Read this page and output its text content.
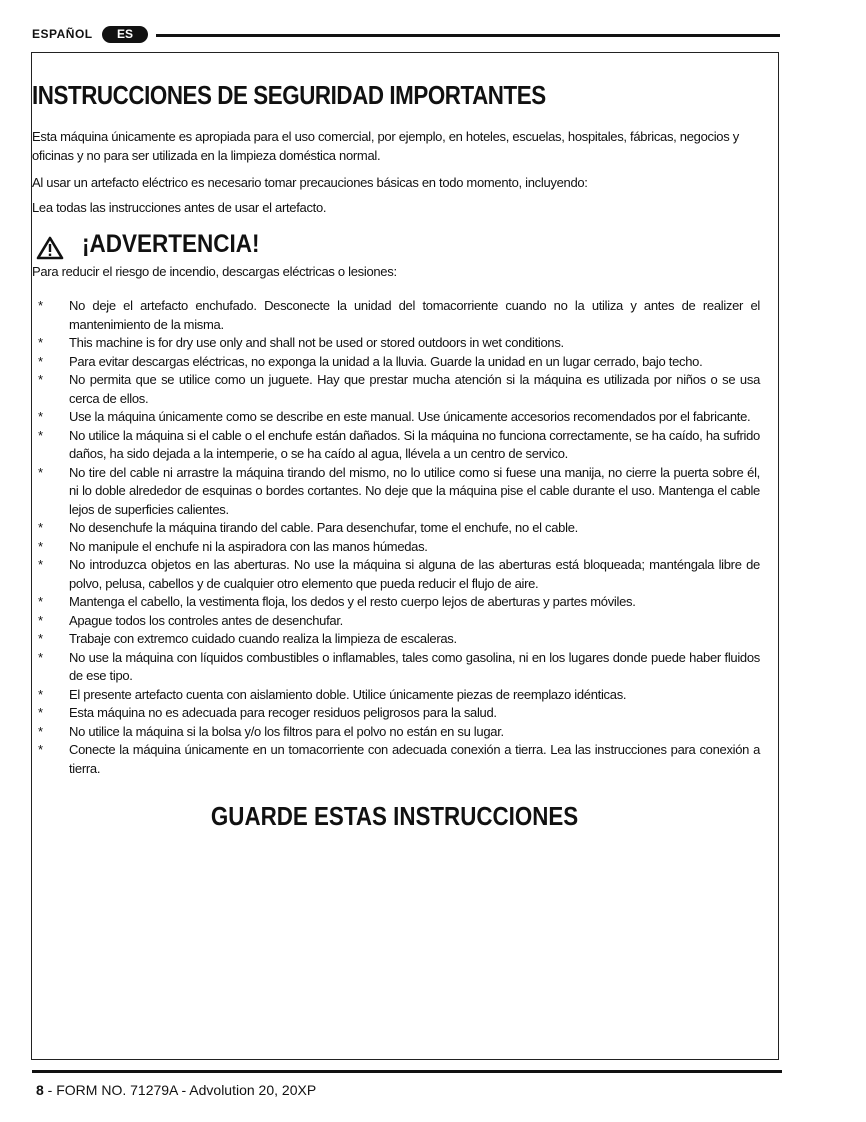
ESPAÑOL	ES
INSTRUCCIONES DE SEGURIDAD IMPORTANTES

Esta máquina únicamente es apropiada para el uso comercial, por ejemplo, en hoteles, escuelas, hospitales, fábricas, negocios y oficinas y no para ser utilizada en la limpieza doméstica normal.

Al usar un artefacto eléctrico es necesario tomar precauciones básicas en todo momento, incluyendo:

Lea todas las instrucciones antes de usar el artefacto.

¡ADVERTENCIA!

Para reducir el riesgo de incendio, descargas eléctricas o lesiones:

* No deje el artefacto enchufado. Desconecte la unidad del tomacorriente cuando no la utiliza y antes de realizer el mantenimiento de la misma.
* This machine is for dry use only and shall not be used or stored outdoors in wet conditions.
* Para evitar descargas eléctricas, no exponga la unidad a la lluvia. Guarde la unidad en un lugar cerrado, bajo techo.
* No permita que se utilice como un juguete. Hay que prestar mucha atención si la máquina es utilizada por niños o se usa cerca de ellos.
* Use la máquina únicamente como se describe en este manual. Use únicamente accesorios recomendados por el fabricante.
* No utilice la máquina si el cable o el enchufe están dañados. Si la máquina no funciona correctamente, se ha caído, ha sufrido daños, ha sido dejada a la intemperie, o se ha caído al agua, llévela a un centro de servico.
* No tire del cable ni arrastre la máquina tirando del mismo, no lo utilice como si fuese una manija, no cierre la puerta sobre él, ni lo doble alrededor de esquinas o bordes cortantes. No deje que la máquina pise el cable durante el uso. Mantenga el cable lejos de superficies calientes.
* No desenchufe la máquina tirando del cable. Para desenchufar, tome el enchufe, no el cable.
* No manipule el enchufe ni la aspiradora con las manos húmedas.
* No introduzca objetos en las aberturas. No use la máquina si alguna de las aberturas está bloqueada; manténgala libre de polvo, pelusa, cabellos y de cualquier otro elemento que pueda reducir el flujo de aire.
* Mantenga el cabello, la vestimenta floja, los dedos y el resto cuerpo lejos de aberturas y partes móviles.
* Apague todos los controles antes de desenchufar.
* Trabaje con extremco cuidado cuando realiza la limpieza de escaleras.
* No use la máquina con líquidos combustibles o inflamables, tales como gasolina, ni en los lugares donde puede haber fluidos de ese tipo.
* El presente artefacto cuenta con aislamiento doble. Utilice únicamente piezas de reemplazo idénticas.
* Esta máquina no es adecuada para recoger residuos peligrosos para la salud.
* No utilice la máquina si la bolsa y/o los filtros para el polvo no están en su lugar.
* Conecte la máquina únicamente en un tomacorriente con adecuada conexión a tierra. Lea las instrucciones para conexión a tierra.
GUARDE ESTAS INSTRUCCIONES
8 - FORM NO. 71279A - Advolution 20, 20XP
